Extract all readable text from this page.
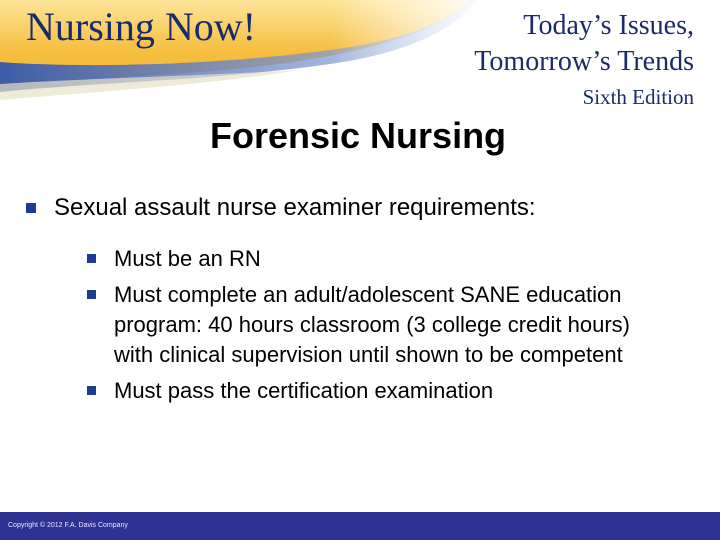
Nursing Now!	Today’s Issues,
Tomorrow’s Trends
Sixth Edition
Forensic Nursing
Sexual assault nurse examiner requirements:
Must be an RN
Must complete an adult/adolescent SANE education program: 40 hours classroom (3 college credit hours) with clinical supervision until shown to be competent
Must pass the certification examination
Copyright © 2012 F.A. Davis Company
